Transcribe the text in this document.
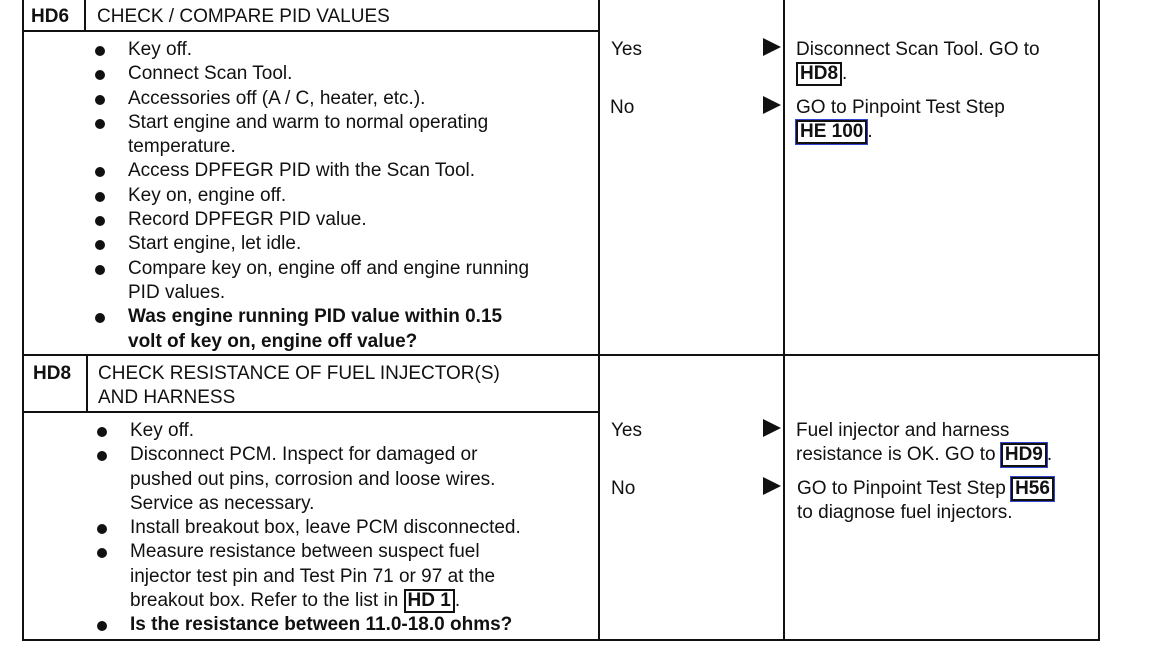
HD6 CHECK / COMPARE PID VALUES
Key off.
Connect Scan Tool.
Accessories off (A / C, heater, etc.).
Start engine and warm to normal operating
temperature.
Access DPFEGR PID with the Scan Tool.
Key on, engine off.
Record DPFEGR PID value.
Start engine, let idle.
Compare key on, engine off and engine running
PID values.
Was engine running PID value within 0.15
volt of key on, engine off value?
Yes	Disconnect Scan Tool. GO to
HD8 .
No	GO to Pinpoint Test Step
HE 100 .
HD8 CHECK RESISTANCE OF FUEL INJECTOR(S)
AND HARNESS
Key off.
Disconnect PCM. Inspect for damaged or
pushed out pins, corrosion and loose wires.
Service as necessary.
Install breakout box, leave PCM disconnected.
Measure resistance between suspect fuel
injector test pin and Test Pin 71 or 97 at the
breakout box. Refer to the list in HD 1 .
Is the resistance between 11.0-18.0 ohms?
Yes	Fuel injector and harness
resistance is OK. GO to HD9 .
No	GO to Pinpoint Test Step H56
to diagnose fuel injectors.
